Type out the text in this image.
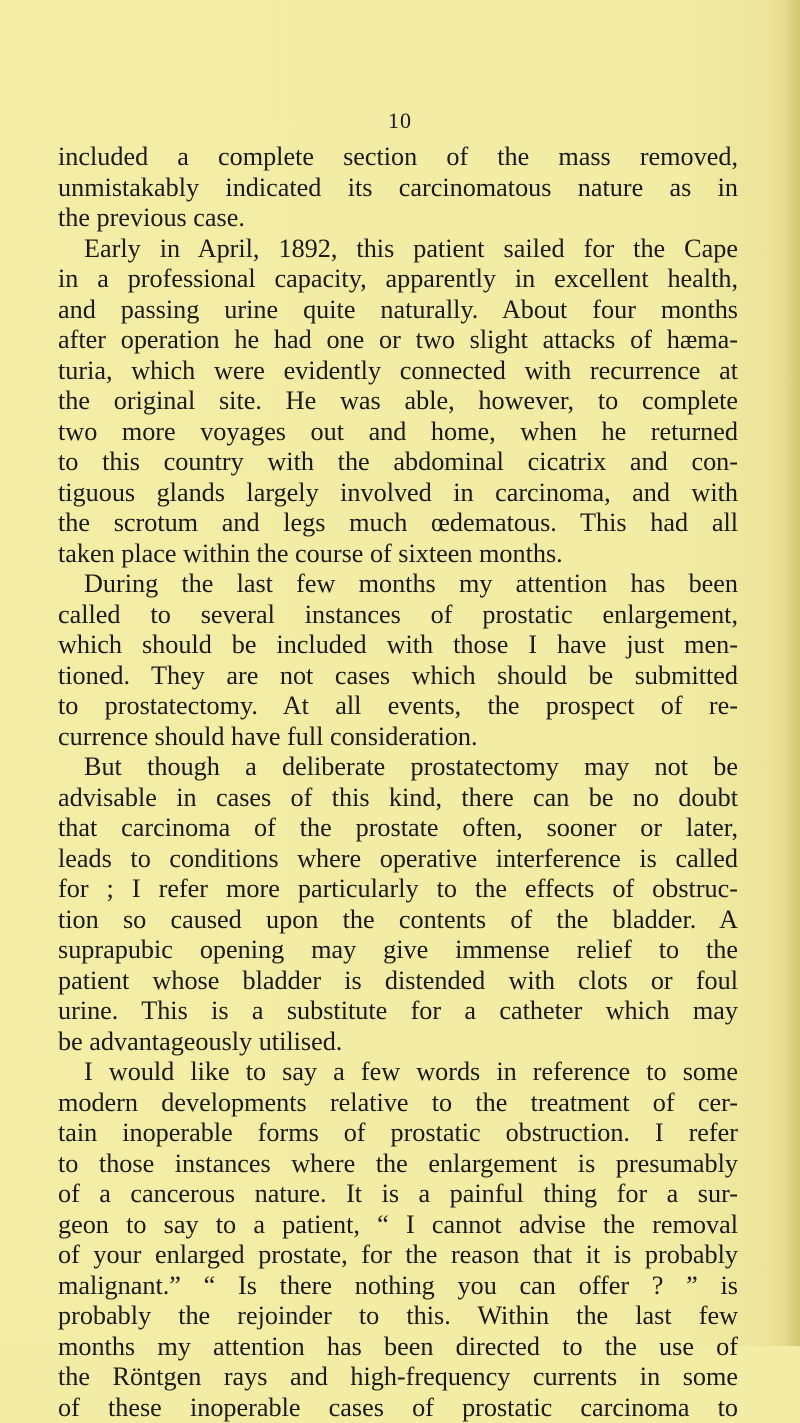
10
included a complete section of the mass removed,
unmistakably indicated its carcinomatous nature as in
the previous case.
Early in April, 1892, this patient sailed for the Cape
in a professional capacity, apparently in excellent health,
and passing urine quite naturally. About four months
after operation he had one or two slight attacks of hæma-
turia, which were evidently connected with recurrence at
the original site. He was able, however, to complete
two more voyages out and home, when he returned
to this country with the abdominal cicatrix and con-
tiguous glands largely involved in carcinoma, and with
the scrotum and legs much œdematous. This had all
taken place within the course of sixteen months.
During the last few months my attention has been
called to several instances of prostatic enlargement,
which should be included with those I have just men-
tioned. They are not cases which should be submitted
to prostatectomy. At all events, the prospect of re-
currence should have full consideration.
But though a deliberate prostatectomy may not be
advisable in cases of this kind, there can be no doubt
that carcinoma of the prostate often, sooner or later,
leads to conditions where operative interference is called
for ; I refer more particularly to the effects of obstruc-
tion so caused upon the contents of the bladder. A
suprapubic opening may give immense relief to the
patient whose bladder is distended with clots or foul
urine. This is a substitute for a catheter which may
be advantageously utilised.
I would like to say a few words in reference to some
modern developments relative to the treatment of cer-
tain inoperable forms of prostatic obstruction. I refer
to those instances where the enlargement is presumably
of a cancerous nature. It is a painful thing for a sur-
geon to say to a patient, “ I cannot advise the removal
of your enlarged prostate, for the reason that it is probably
malignant.” “ Is there nothing you can offer ? ” is
probably the rejoinder to this. Within the last few
months my attention has been directed to the use of
the Röntgen rays and high-frequency currents in some
of these inoperable cases of prostatic carcinoma to
